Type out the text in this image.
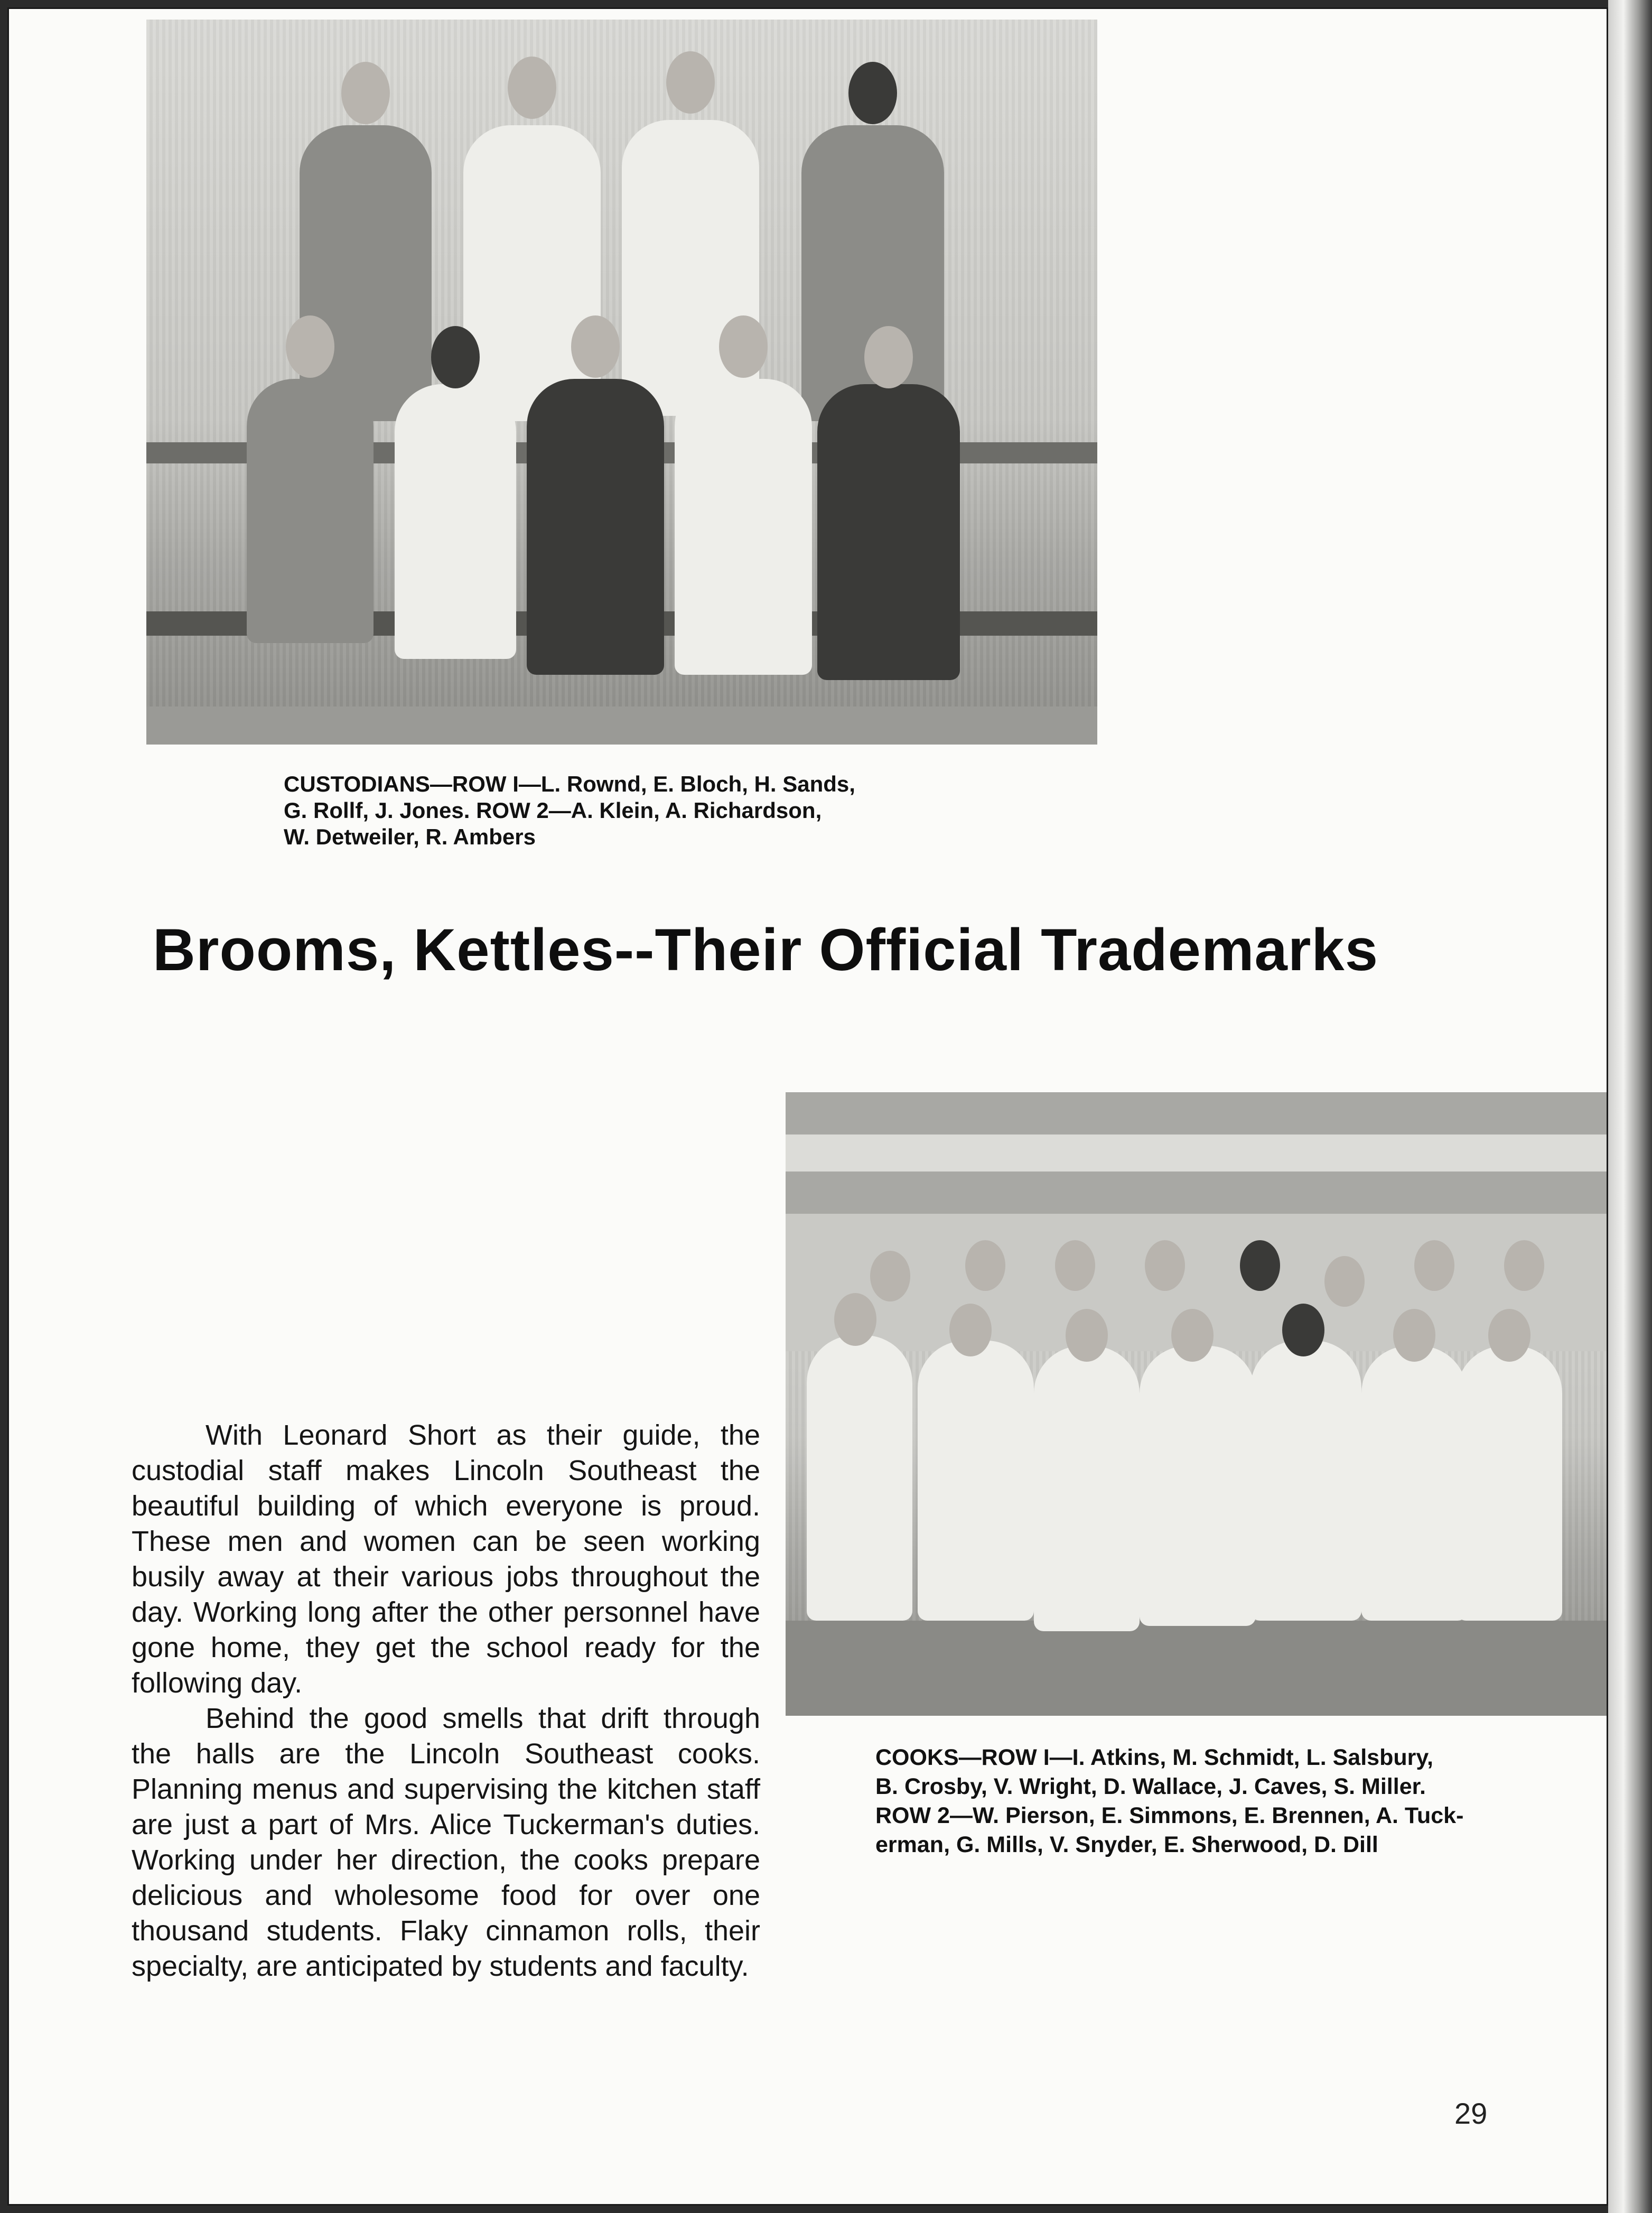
CUSTODIANS—ROW I—L. Rownd, E. Bloch, H. Sands,
G. Rollf, J. Jones. ROW 2—A. Klein, A. Richardson,
W. Detweiler, R. Ambers
Brooms, Kettles--Their Official Trademarks
COOKS—ROW I—I. Atkins, M. Schmidt, L. Salsbury,
B. Crosby, V. Wright, D. Wallace, J. Caves, S. Miller.
ROW 2—W. Pierson, E. Simmons, E. Brennen, A. Tuck-
erman, G. Mills, V. Snyder, E. Sherwood, D. Dill

With Leonard Short as their guide, the custodial staff makes Lincoln Southeast the beautiful building of which everyone is proud. These men and women can be seen working busily away at their various jobs throughout the day. Working long after the other personnel have gone home, they get the school ready for the following day.

Behind the good smells that drift through the halls are the Lincoln Southeast cooks. Planning menus and supervising the kitchen staff are just a part of Mrs. Alice Tuckerman's duties. Working under her direction, the cooks prepare delicious and wholesome food for over one thousand students. Flaky cinnamon rolls, their specialty, are anticipated by students and faculty.

29
